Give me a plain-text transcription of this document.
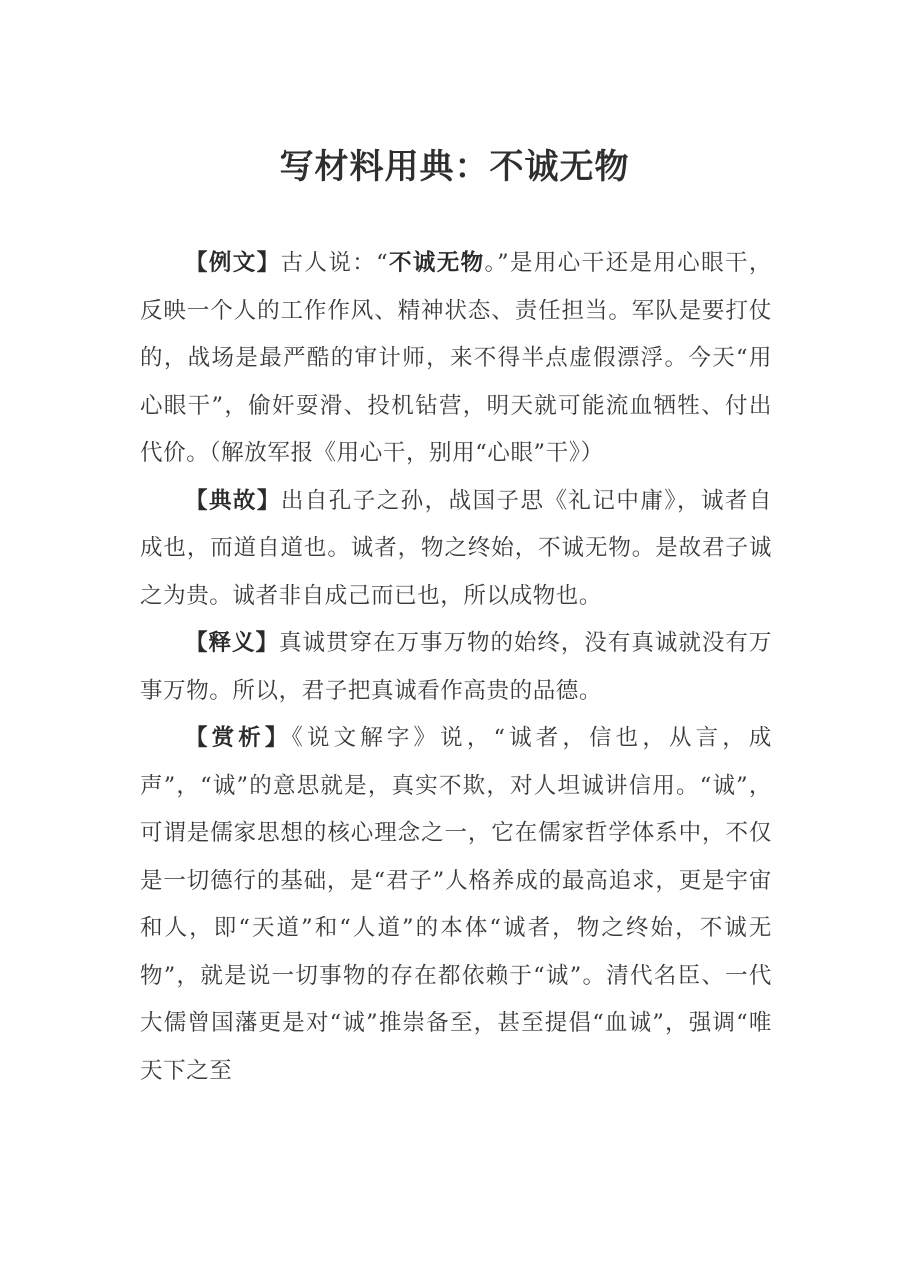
写材料用典：不诚无物

【例文】古人说：“不诚无物。”是用心干还是用心眼干，反映一个人的工作作风、精神状态、责任担当。军队是要打仗的，战场是最严酷的审计师，来不得半点虚假漂浮。今天“用心眼干”，偷奸耍滑、投机钻营，明天就可能流血牺牲、付出代价。（解放军报《用心干，别用“心眼”干》）

【典故】出自孔子之孙，战国子思《礼记中庸》，诚者自成也，而道自道也。诚者，物之终始，不诚无物。是故君子诚之为贵。诚者非自成己而已也，所以成物也。

【释义】真诚贯穿在万事万物的始终，没有真诚就没有万事万物。所以，君子把真诚看作高贵的品德。

【赏析】《说文解字》说，“诚者，信也，从言，成声”，“诚”的意思就是，真实不欺，对人坦诚讲信用。“诚”，可谓是儒家思想的核心理念之一，它在儒家哲学体系中，不仅是一切德行的基础，是“君子”人格养成的最高追求，更是宇宙和人，即“天道”和“人道”的本体“诚者，物之终始，不诚无物”，就是说一切事物的存在都依赖于“诚”。清代名臣、一代大儒曾国藩更是对“诚”推崇备至，甚至提倡“血诚”，强调“唯天下之至
